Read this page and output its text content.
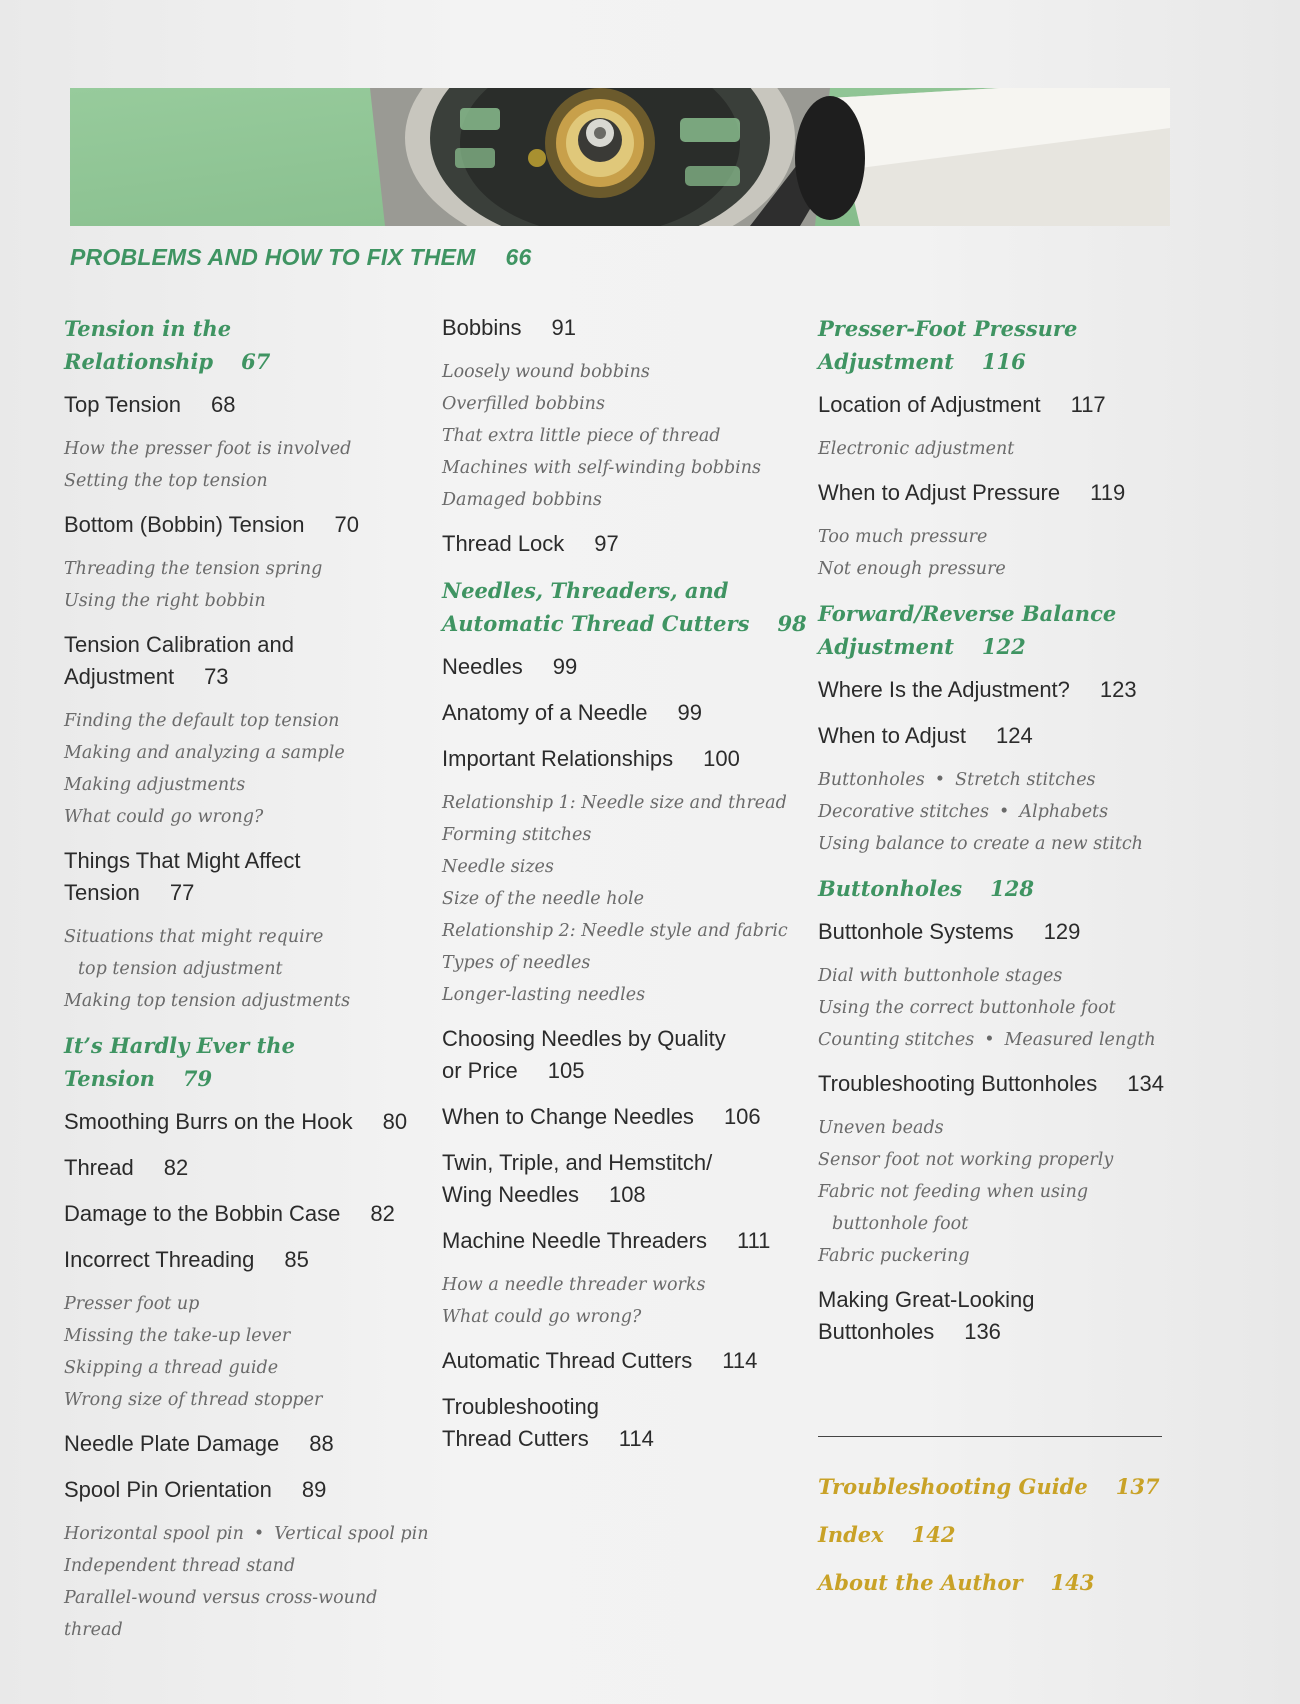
PROBLEMS AND HOW TO FIX THEM 66
Tension in the Relationship 67
Top Tension 68
How the presser foot is involved
Setting the top tension
Bottom (Bobbin) Tension 70
Threading the tension spring
Using the right bobbin
Tension Calibration and
Adjustment 73
Finding the default top tension
Making and analyzing a sample
Making adjustments
What could go wrong?
Things That Might Affect
Tension 77
Situations that might require
top tension adjustment
Making top tension adjustments
It’s Hardly Ever the Tension 79
Smoothing Burrs on the Hook 80
Thread 82
Damage to the Bobbin Case 82
Incorrect Threading 85
Presser foot up
Missing the take-up lever
Skipping a thread guide
Wrong size of thread stopper
Needle Plate Damage 88
Spool Pin Orientation 89
Horizontal spool pin • Vertical spool pin
Independent thread stand
Parallel-wound versus cross-wound thread
Bobbins 91
Loosely wound bobbins
Overfilled bobbins
That extra little piece of thread
Machines with self-winding bobbins
Damaged bobbins
Thread Lock 97
Needles, Threaders, and
Automatic Thread Cutters 98
Needles 99
Anatomy of a Needle 99
Important Relationships 100
Relationship 1: Needle size and thread
Forming stitches
Needle sizes
Size of the needle hole
Relationship 2: Needle style and fabric
Types of needles
Longer-lasting needles
Choosing Needles by Quality
or Price 105
When to Change Needles 106
Twin, Triple, and Hemstitch/
Wing Needles 108
Machine Needle Threaders 111
How a needle threader works
What could go wrong?
Automatic Thread Cutters 114
Troubleshooting
Thread Cutters 114
Presser-Foot Pressure
Adjustment 116
Location of Adjustment 117
Electronic adjustment
When to Adjust Pressure 119
Too much pressure
Not enough pressure
Forward/Reverse Balance
Adjustment 122
Where Is the Adjustment? 123
When to Adjust 124
Buttonholes • Stretch stitches
Decorative stitches • Alphabets
Using balance to create a new stitch
Buttonholes 128
Buttonhole Systems 129
Dial with buttonhole stages
Using the correct buttonhole foot
Counting stitches • Measured length
Troubleshooting Buttonholes 134
Uneven beads
Sensor foot not working properly
Fabric not feeding when using
buttonhole foot
Fabric puckering
Making Great-Looking
Buttonholes 136
Troubleshooting Guide 137
Index 142
About the Author 143
